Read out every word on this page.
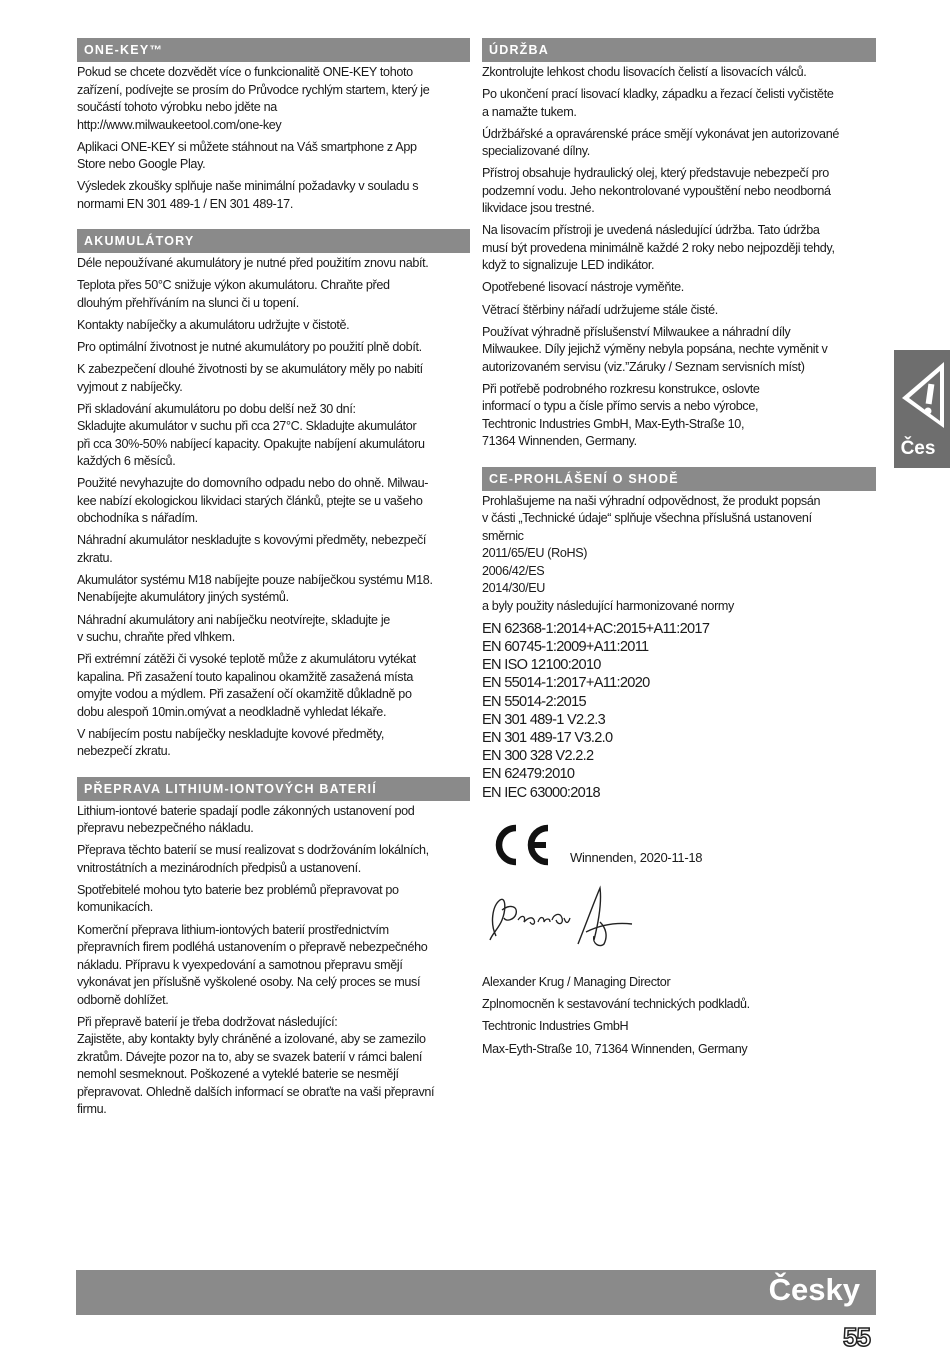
ONE-KEY™

Pokud se chcete dozvědět více o funkcionalitě ONE-KEY tohoto
zařízení, podívejte se prosím do Průvodce rychlým startem, který je
součástí tohoto výrobku nebo jděte na
http://www.milwaukeetool.com/one-key

Aplikaci ONE-KEY si můžete stáhnout na Váš smartphone z App
Store nebo Google Play.

Výsledek zkoušky splňuje naše minimální požadavky v souladu s
normami EN 301 489-1 / EN 301 489-17.

AKUMULÁTORY

Déle nepoužívané akumulátory je nutné před použitím znovu nabít.

Teplota přes 50°C snižuje výkon akumulátoru. Chraňte před
dlouhým přehříváním na slunci či u topení.

Kontakty nabíječky a akumulátoru udržujte v čistotě.

Pro optimální životnost je nutné akumulátory po použití plně dobít.

K zabezpečení dlouhé životnosti by se akumulátory měly po nabití
vyjmout z nabíječky.

Při skladování akumulátoru po dobu delší než 30 dní:
Skladujte akumulátor v suchu při cca 27°C. Skladujte akumulátor
při cca 30%-50% nabíjecí kapacity. Opakujte nabíjení akumulátoru
každých 6 měsíců.

Použité nevyhazujte do domovního odpadu nebo do ohně. Milwau-
kee nabízí ekologickou likvidaci starých článků, ptejte se u vašeho
obchodníka s nářadím.

Náhradní akumulátor neskladujte s kovovými předměty, nebezpečí
zkratu.

Akumulátor systému M18 nabíjejte pouze nabíječkou systému M18.
Nenabíjejte akumulátory jiných systémů.

Náhradní akumulátory ani nabíječku neotvírejte, skladujte je
v suchu, chraňte před vlhkem.

Při extrémní zátěži či vysoké teplotě může z akumulátoru vytékat
kapalina. Při zasažení touto kapalinou okamžitě zasažená místa
omyjte vodou a mýdlem. Při zasažení očí okamžitě důkladně po
dobu alespoň 10min.omývat a neodkladně vyhledat lékaře.

V nabíjecím postu nabíječky neskladujte kovové předměty,
nebezpečí zkratu.

PŘEPRAVA LITHIUM-IONTOVÝCH BATERIÍ

Lithium-iontové baterie spadají podle zákonných ustanovení pod
přepravu nebezpečného nákladu.

Přeprava těchto baterií se musí realizovat s dodržováním lokálních,
vnitrostátních a mezinárodních předpisů a ustanovení.

Spotřebitelé mohou tyto baterie bez problémů přepravovat po
komunikacích.

Komerční přeprava lithium-iontových baterií prostřednictvím
přepravních firem podléhá ustanovením o přepravě nebezpečného
nákladu. Přípravu k vyexpedování a samotnou přepravu smějí
vykonávat jen příslušně vyškolené osoby. Na celý proces se musí
odborně dohlížet.

Při přepravě baterií je třeba dodržovat následující:
Zajistěte, aby kontakty byly chráněné a izolované, aby se zamezilo
zkratům. Dávejte pozor na to, aby se svazek baterií v rámci balení
nemohl sesmeknout. Poškozené a vyteklé baterie se nesmějí
přepravovat. Ohledně dalších informací se obraťte na vaši přepravní
firmu.

ÚDRŽBA

Zkontrolujte lehkost chodu lisovacích čelistí a lisovacích válců.

Po ukončení prací lisovací kladky, západku a řezací čelisti vyčistěte
a namažte tukem.

Údržbářské a opravárenské práce smějí vykonávat jen autorizované
specializované dílny.

Přístroj obsahuje hydraulický olej, který představuje nebezpečí pro
podzemní vodu. Jeho nekontrolované vypouštění nebo neodborná
likvidace jsou trestné.

Na lisovacím přístroji je uvedená následující údržba. Tato údržba
musí být provedena minimálně každé 2 roky nebo nejpozději tehdy,
když to signalizuje LED indikátor.

Opotřebené lisovací nástroje vyměňte.

Větrací štěrbiny nářadí udržujeme stále čisté.

Používat výhradně příslušenství Milwaukee a náhradní díly
Milwaukee. Díly jejichž výměny nebyla popsána, nechte vyměnit v
autorizovaném servisu (viz.”Záruky / Seznam servisních míst)

Při potřebě podrobného rozkresu konstrukce, oslovte
informací o typu a čísle přímo servis a nebo výrobce,
Techtronic Industries GmbH, Max-Eyth-Straße 10,
71364 Winnenden, Germany.

CE-PROHLÁŠENÍ O SHODĚ

Prohlašujeme na naši výhradní odpovědnost, že produkt popsán
v části „Technické údaje“ splňuje všechna příslušná ustanovení
směrnic
2011/65/EU (RoHS)
2006/42/ES
2014/30/EU
a byly použity následující harmonizované normy

EN 62368-1:2014+AC:2015+A11:2017
EN 60745-1:2009+A11:2011
EN ISO 12100:2010
EN 55014-1:2017+A11:2020
EN 55014-2:2015
EN 301 489-1 V2.2.3
EN 301 489-17 V3.2.0
EN 300 328 V2.2.2
EN 62479:2010
EN IEC 63000:2018
Winnenden, 2020-11-18

Alexander Krug / Managing Director

Zplnomocněn k sestavování technických podkladů.

Techtronic Industries GmbH

Max-Eyth-Straße 10, 71364 Winnenden, Germany

Čes
Česky
55
